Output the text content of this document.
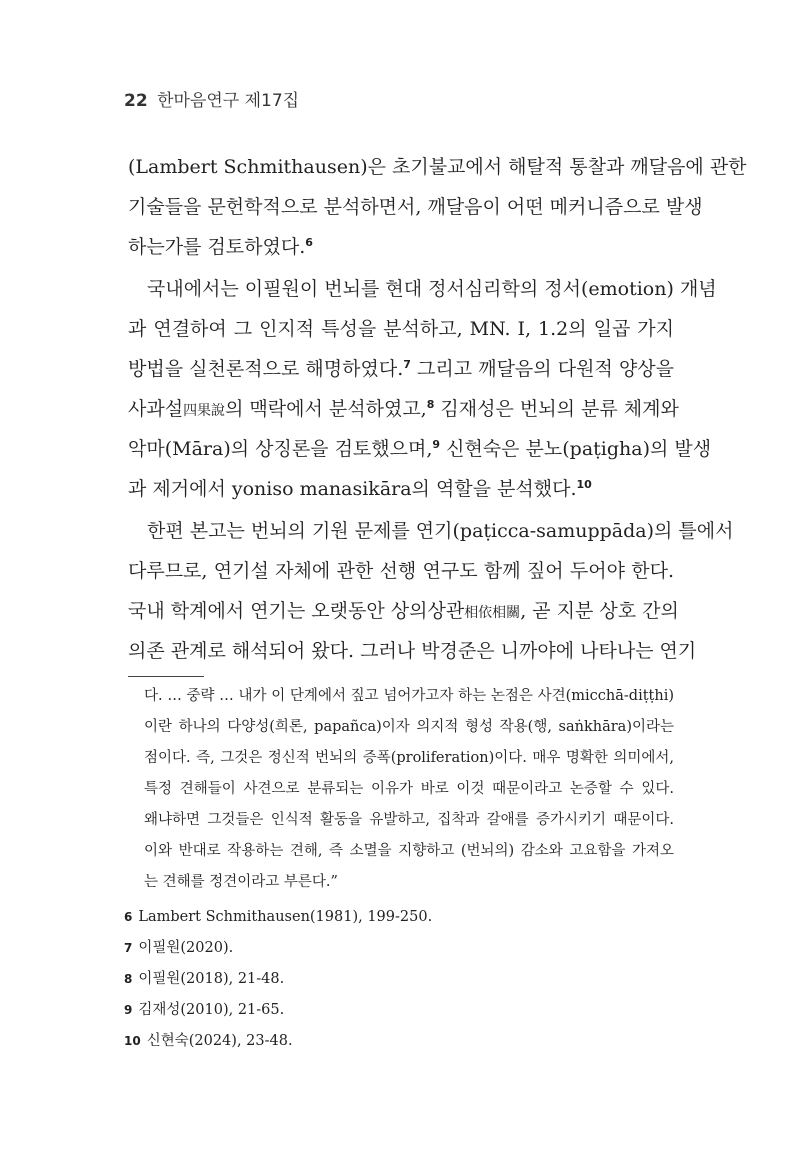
22 한마음연구 제17집
(Lambert Schmithausen)은 초기불교에서 해탈적 통찰과 깨달음에 관한
기술들을 문헌학적으로 분석하면서, 깨달음이 어떤 메커니즘으로 발생
하는가를 검토하였다.$^6$
국내에서는 이필원이 번뇌를 현대 정서심리학의 정서(emotion) 개념
과 연결하여 그 인지적 특성을 분석하고, MN. I, 1.2의 일곱 가지
방법을 실천론적으로 해명하였다.$^7$ 그리고 깨달음의 다원적 양상을
사과설四果說의 맥락에서 분석하였고,$^8$ 김재성은 번뇌의 분류 체계와
악마(Māra)의 상징론을 검토했으며,$^9$ 신현숙은 분노(paṭigha)의 발생
과 제거에서 yoniso manasikāra의 역할을 분석했다.$^{10}$
한편 본고는 번뇌의 기원 문제를 연기(paṭicca-samuppāda)의 틀에서
다루므로, 연기설 자체에 관한 선행 연구도 함께 짚어 두어야 한다.
국내 학계에서 연기는 오랫동안 상의상관相依相關, 곧 지분 상호 간의
의존 관계로 해석되어 왔다. 그러나 박경준은 니까야에 나타나는 연기
다. … 중략 … 내가 이 단계에서 짚고 넘어가고자 하는 논점은 사견(micchā-diṭṭhi)
이란 하나의 다양성(희론, papañca)이자 의지적 형성 작용(행, saṅkhāra)이라는
점이다. 즉, 그것은 정신적 번뇌의 증폭(proliferation)이다. 매우 명확한 의미에서,
특정 견해들이 사견으로 분류되는 이유가 바로 이것 때문이라고 논증할 수 있다.
왜냐하면 그것들은 인식적 활동을 유발하고, 집착과 갈애를 증가시키기 때문이다.
이와 반대로 작용하는 견해, 즉 소멸을 지향하고 (번뇌의) 감소와 고요함을 가져오
는 견해를 정견이라고 부른다.”
6 Lambert Schmithausen(1981), 199-250.
7 이필원(2020).
8 이필원(2018), 21-48.
9 김재성(2010), 21-65.
10 신현숙(2024), 23-48.
